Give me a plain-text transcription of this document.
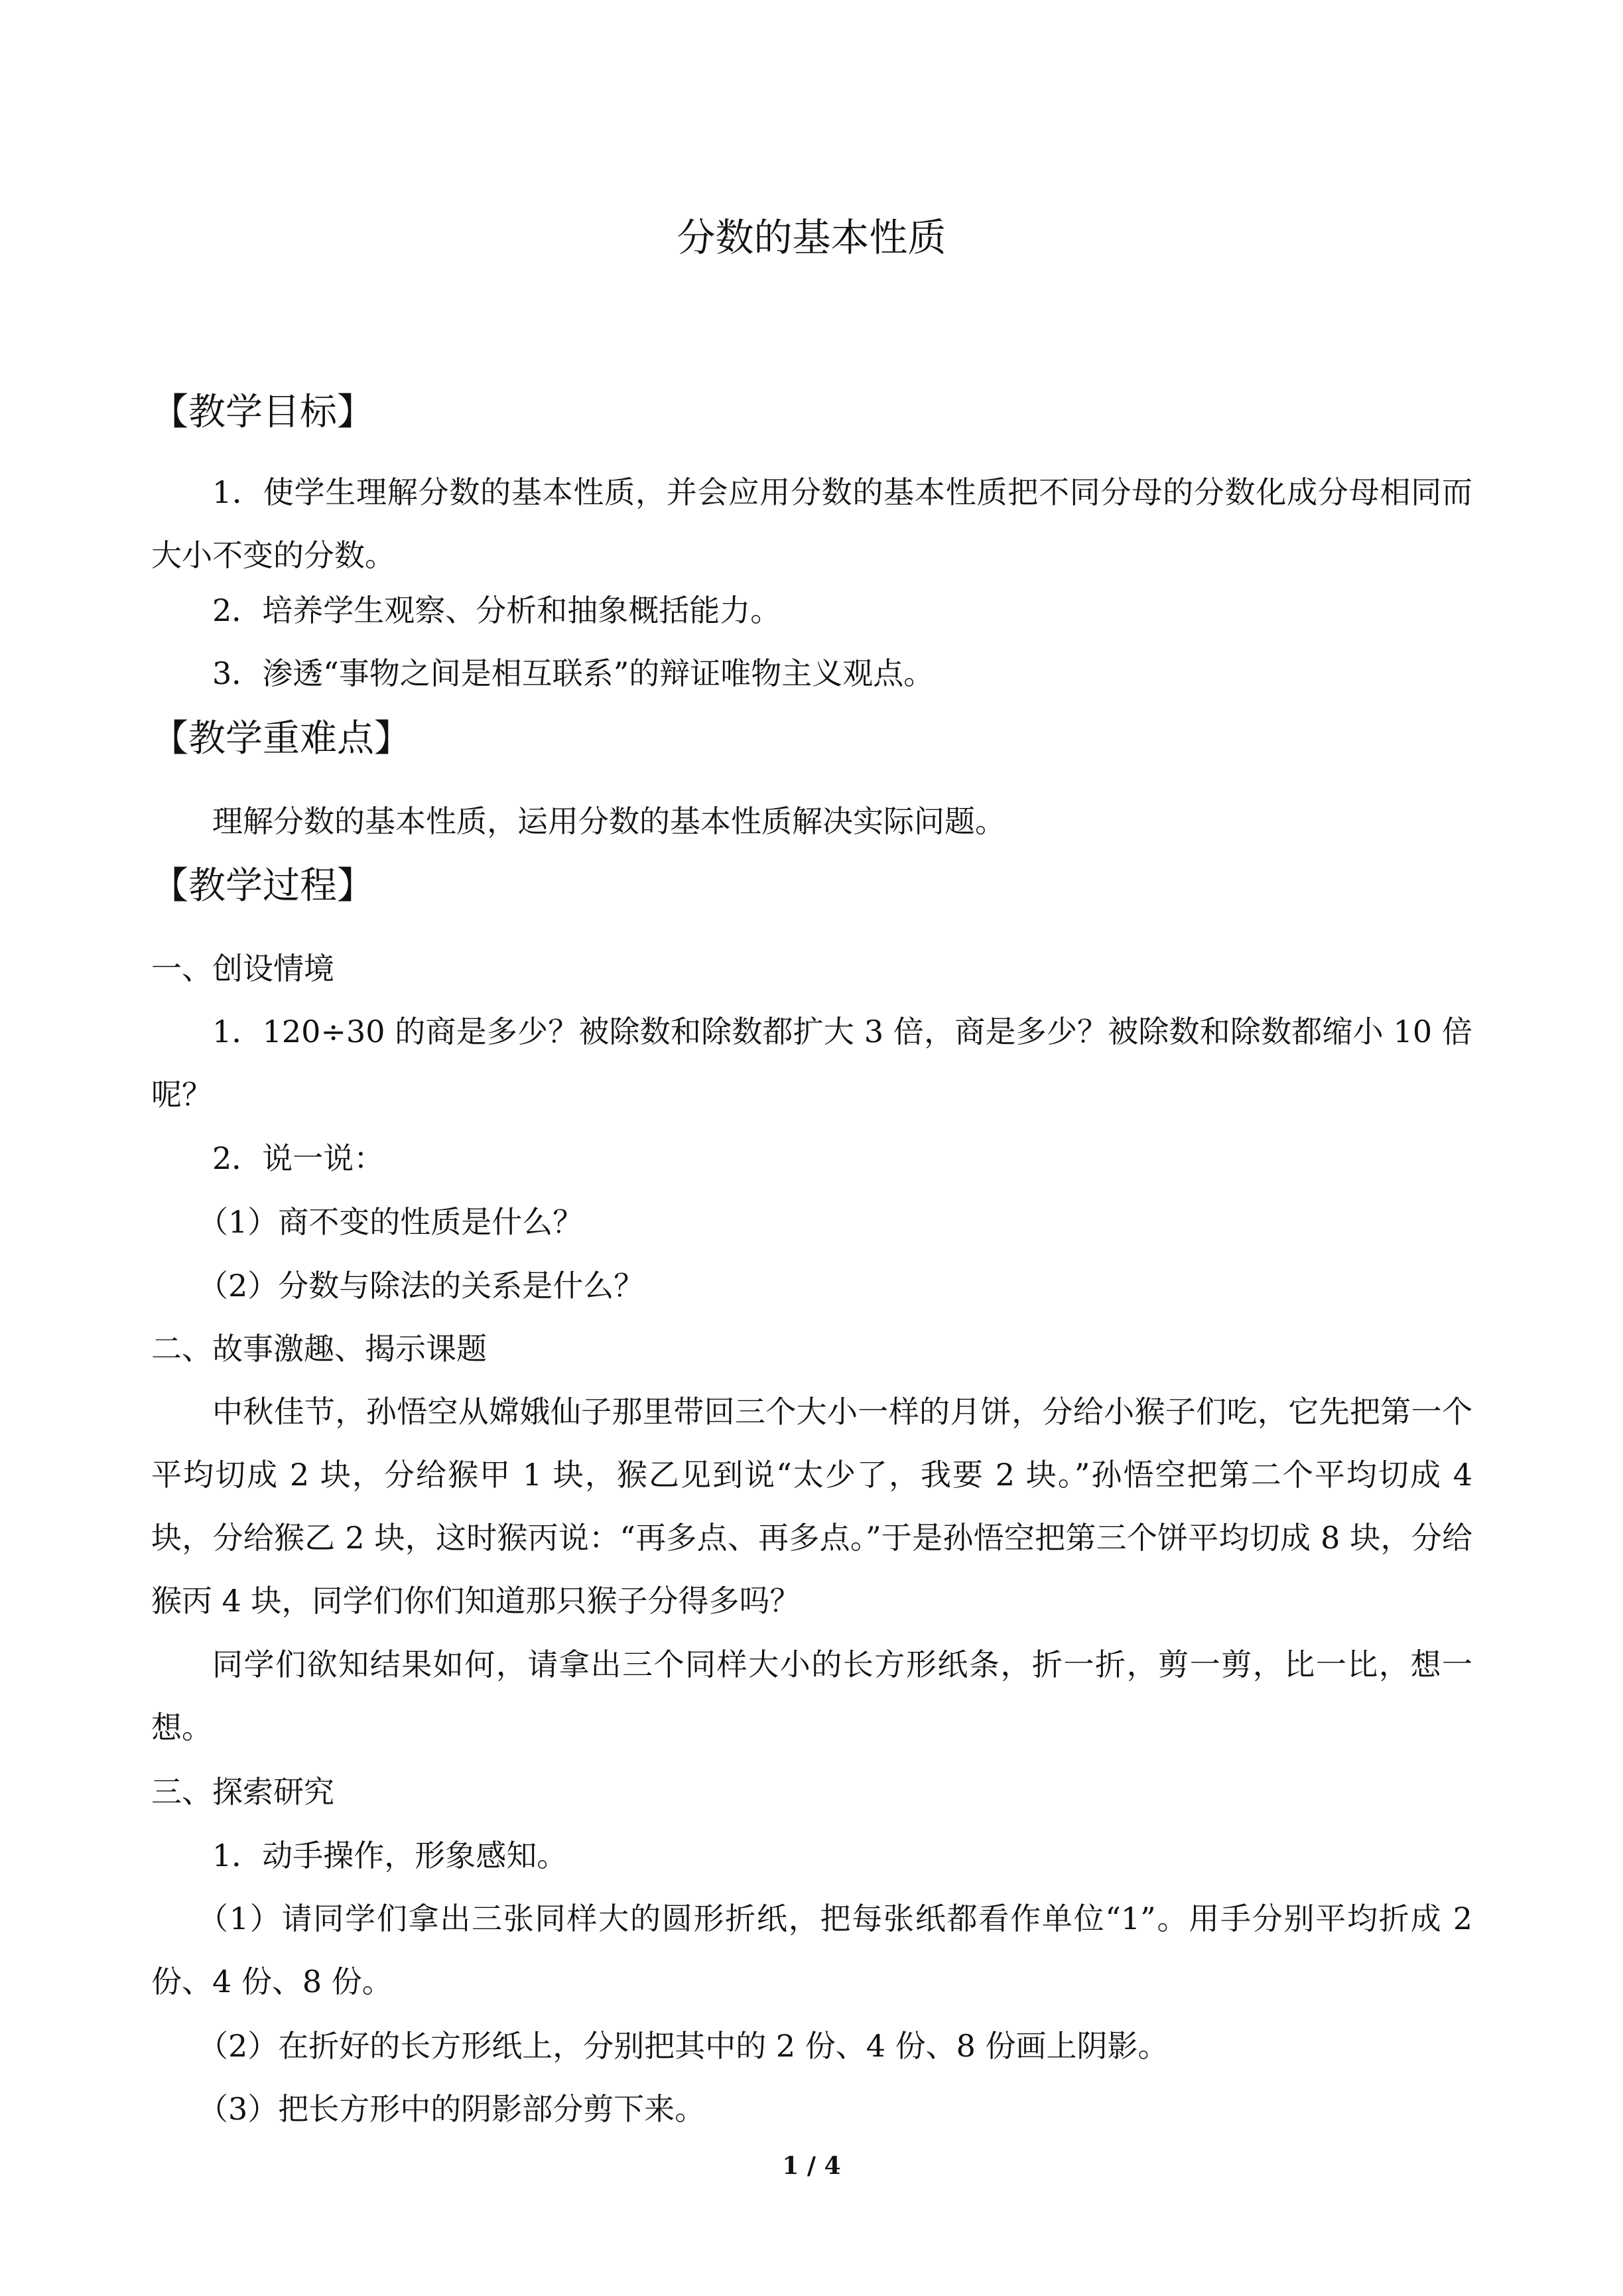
分数的基本性质
【教学目标】
1．使学生理解分数的基本性质，并会应用分数的基本性质把不同分母的分数化成分母相同而大小不变的分数。
2．培养学生观察、分析和抽象概括能力。
3．渗透“事物之间是相互联系”的辩证唯物主义观点。
【教学重难点】
理解分数的基本性质，运用分数的基本性质解决实际问题。
【教学过程】
一、创设情境
1．120÷30 的商是多少？被除数和除数都扩大 3 倍，商是多少？被除数和除数都缩小 10 倍呢？
2．说一说：
（1）商不变的性质是什么？
（2）分数与除法的关系是什么？
二、故事激趣、揭示课题
中秋佳节，孙悟空从嫦娥仙子那里带回三个大小一样的月饼，分给小猴子们吃，它先把第一个平均切成 2 块，分给猴甲 1 块，猴乙见到说“太少了，我要 2 块。”孙悟空把第二个平均切成 4 块，分给猴乙 2 块，这时猴丙说：“再多点、再多点。”于是孙悟空把第三个饼平均切成 8 块，分给猴丙 4 块，同学们你们知道那只猴子分得多吗？
同学们欲知结果如何，请拿出三个同样大小的长方形纸条，折一折，剪一剪，比一比，想一想。
三、探索研究
1．动手操作，形象感知。
（1）请同学们拿出三张同样大的圆形折纸，把每张纸都看作单位“1”。用手分别平均折成 2 份、4 份、8 份。
（2）在折好的长方形纸上，分别把其中的 2 份、4 份、8 份画上阴影。
（3）把长方形中的阴影部分剪下来。
1 / 4
